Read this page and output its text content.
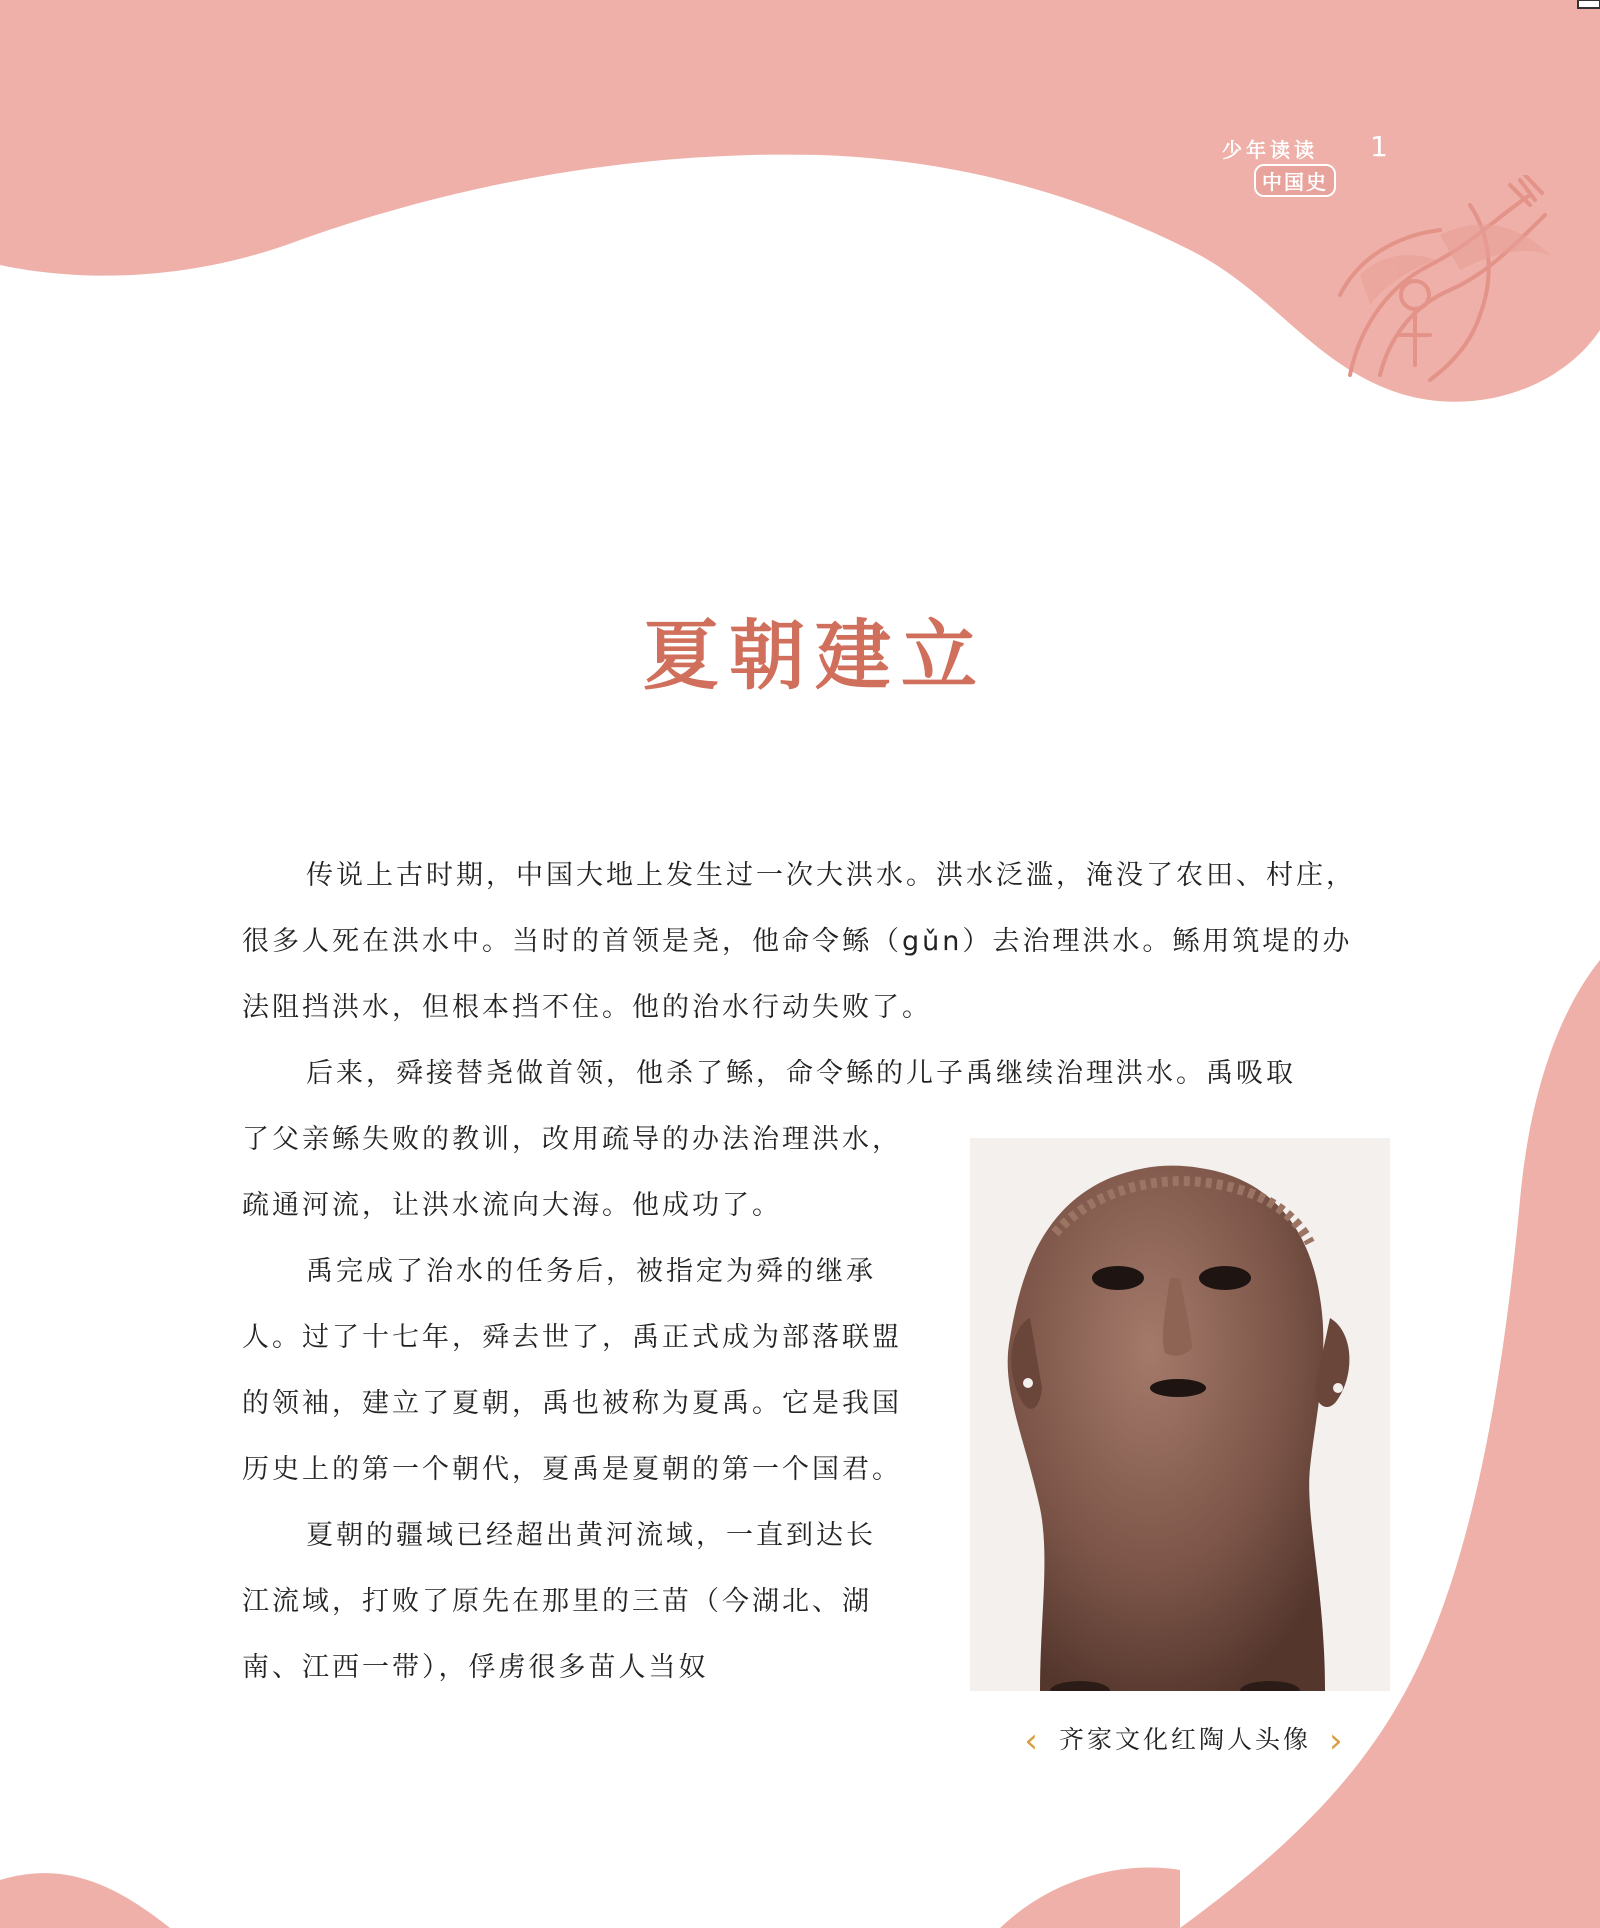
少年读读
中国史
1
夏朝建立

传说上古时期，中国大地上发生过一次大洪水。洪水泛滥，淹没了农田、村庄，很多人死在洪水中。当时的首领是尧，他命令鲧（gǔn）去治理洪水。鲧用筑堤的办法阻挡洪水，但根本挡不住。他的治水行动失败了。

后来，舜接替尧做首领，他杀了鲧，命令鲧的儿子禹继续治理洪水。禹吸取

了父亲鲧失败的教训，改用疏导的办法治理洪水，疏通河流，让洪水流向大海。他成功了。

禹完成了治水的任务后，被指定为舜的继承人。过了十七年，舜去世了，禹正式成为部落联盟的领袖，建立了夏朝，禹也被称为夏禹。它是我国历史上的第一个朝代，夏禹是夏朝的第一个国君。

夏朝的疆域已经超出黄河流域，一直到达长江流域，打败了原先在那里的三苗（今湖北、湖南、江西一带），俘虏很多苗人当奴

‹ 齐家文化红陶人头像 ›
